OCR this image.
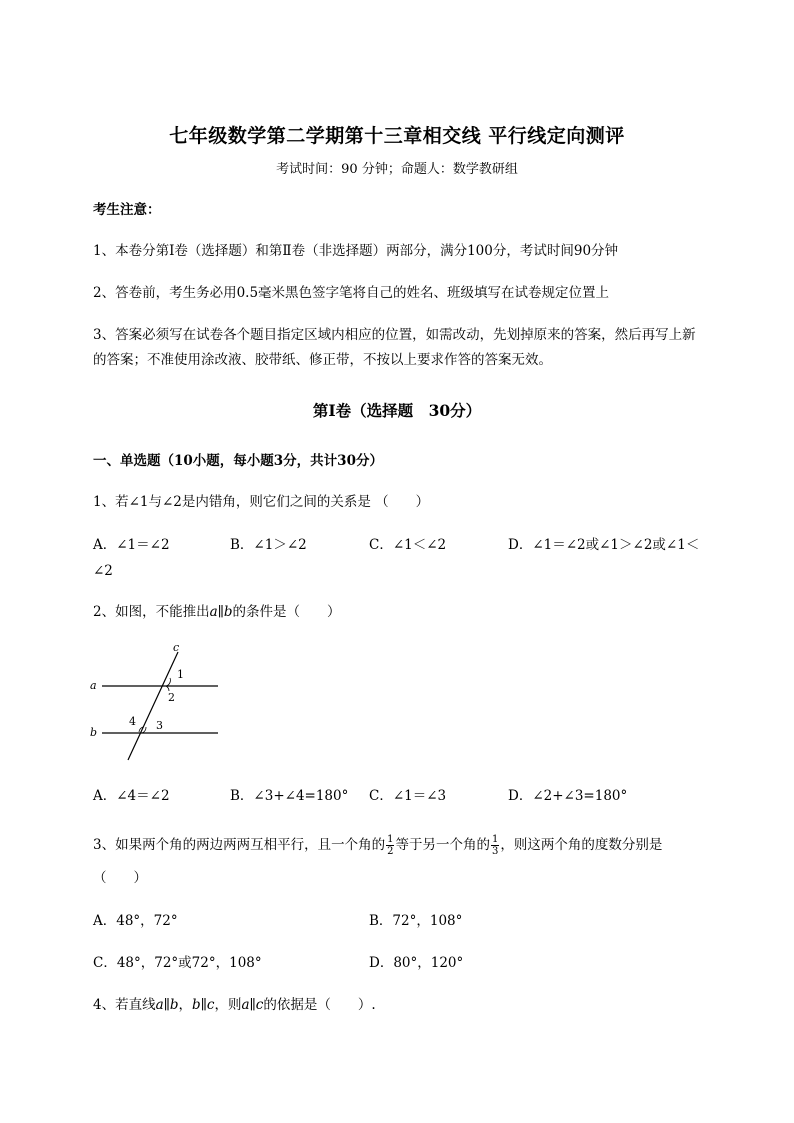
七年级数学第二学期第十三章相交线 平行线定向测评
考试时间：90 分钟；命题人：数学教研组
考生注意：
1、本卷分第Ⅰ卷（选择题）和第Ⅱ卷（非选择题）两部分，满分100分，考试时间90分钟
2、答卷前，考生务必用0.5毫米黑色签字笔将自己的姓名、班级填写在试卷规定位置上
3、答案必须写在试卷各个题目指定区域内相应的位置，如需改动，先划掉原来的答案，然后再写上新
的答案；不准使用涂改液、胶带纸、修正带，不按以上要求作答的答案无效。
第Ⅰ卷（选择题　30分）
一、单选题（10小题，每小题3分，共计30分）
1、若∠1与∠2是内错角，则它们之间的关系是 （　　）
A．∠1＝∠2	B．∠1＞∠2	C．∠1＜∠2	D．∠1＝∠2或∠1＞∠2或∠1＜
∠2
2、如图，不能推出a∥b的条件是（　　）
a
b
c
1
2
3
4
A．∠4＝∠2	B．∠3+∠4=180° C．∠1＝∠3	D．∠2+∠3=180°
3、如果两个角的两边两两互相平行，且一个角的 $\frac{1}{2}$ 等于另一个角的 $\frac{1}{3}$ ，则这两个角的度数分别是
（　　）
A．48°，72°	B．72°，108°
C．48°，72°或72°，108°	D．80°，120°
4、若直线a∥b，b∥c，则a∥c的依据是（　　）.
